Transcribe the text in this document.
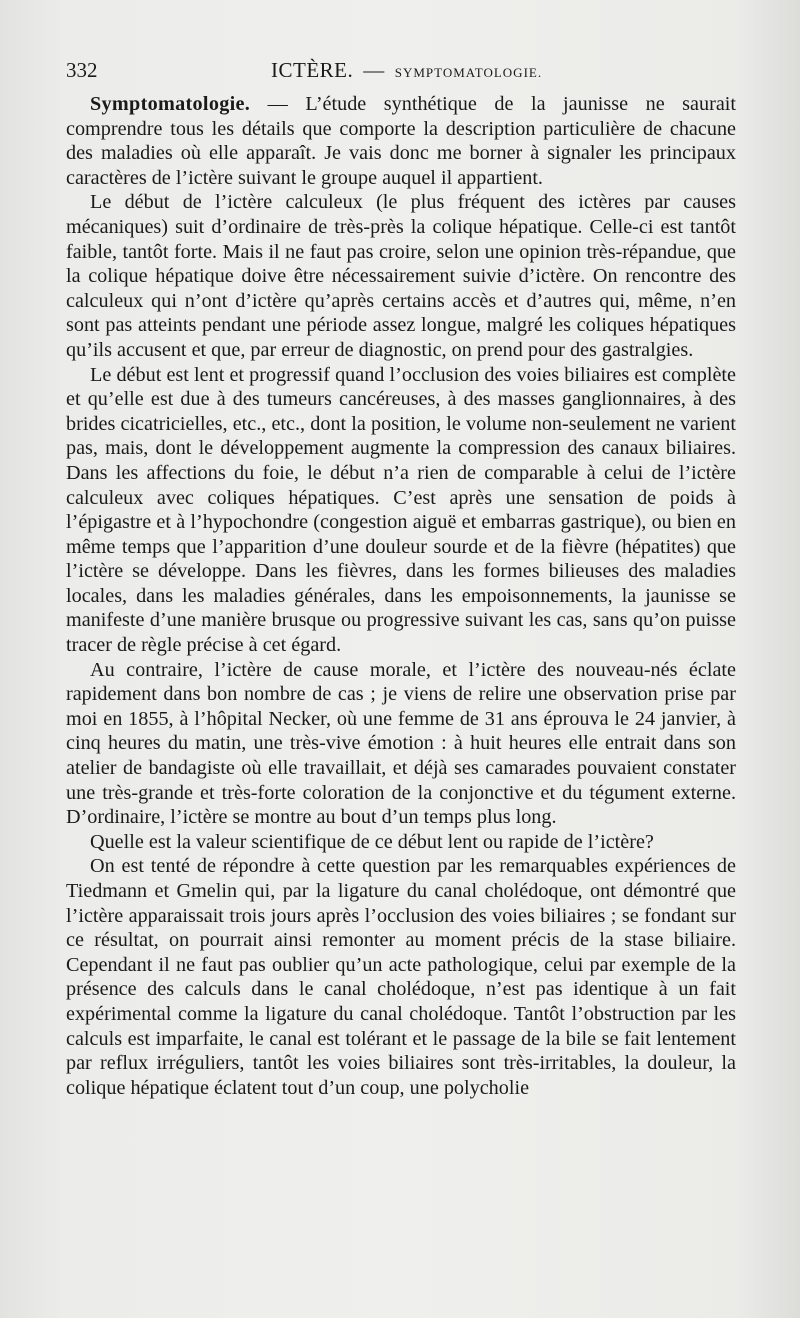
332	ICTÈRE. — SYMPTOMATOLOGIE.

Symptomatologie. — L’étude synthétique de la jaunisse ne saurait comprendre tous les détails que comporte la description particulière de chacune des maladies où elle apparaît. Je vais donc me borner à signaler les principaux caractères de l’ictère suivant le groupe auquel il appartient.

Le début de l’ictère calculeux (le plus fréquent des ictères par causes mécaniques) suit d’ordinaire de très-près la colique hépatique. Celle-ci est tantôt faible, tantôt forte. Mais il ne faut pas croire, selon une opinion très-répandue, que la colique hépatique doive être nécessairement suivie d’ictère. On rencontre des calculeux qui n’ont d’ictère qu’après certains accès et d’autres qui, même, n’en sont pas atteints pendant une période assez longue, malgré les coliques hépatiques qu’ils accusent et que, par erreur de diagnostic, on prend pour des gastralgies.

Le début est lent et progressif quand l’occlusion des voies biliaires est complète et qu’elle est due à des tumeurs cancéreuses, à des masses ganglionnaires, à des brides cicatricielles, etc., etc., dont la position, le volume non-seulement ne varient pas, mais, dont le développement augmente la compression des canaux biliaires. Dans les affections du foie, le début n’a rien de comparable à celui de l’ictère calculeux avec coliques hépatiques. C’est après une sensation de poids à l’épigastre et à l’hypochondre (congestion aiguë et embarras gastrique), ou bien en même temps que l’apparition d’une douleur sourde et de la fièvre (hépatites) que l’ictère se développe. Dans les fièvres, dans les formes bilieuses des maladies locales, dans les maladies générales, dans les empoisonnements, la jaunisse se manifeste d’une manière brusque ou progressive suivant les cas, sans qu’on puisse tracer de règle précise à cet égard.

Au contraire, l’ictère de cause morale, et l’ictère des nouveau-nés éclate rapidement dans bon nombre de cas ; je viens de relire une observation prise par moi en 1855, à l’hôpital Necker, où une femme de 31 ans éprouva le 24 janvier, à cinq heures du matin, une très-vive émotion : à huit heures elle entrait dans son atelier de bandagiste où elle travaillait, et déjà ses camarades pouvaient constater une très-grande et très-forte coloration de la conjonctive et du tégument externe. D’ordinaire, l’ictère se montre au bout d’un temps plus long.

Quelle est la valeur scientifique de ce début lent ou rapide de l’ictère?

On est tenté de répondre à cette question par les remarquables expériences de Tiedmann et Gmelin qui, par la ligature du canal cholédoque, ont démontré que l’ictère apparaissait trois jours après l’occlusion des voies biliaires ; se fondant sur ce résultat, on pourrait ainsi remonter au moment précis de la stase biliaire. Cependant il ne faut pas oublier qu’un acte pathologique, celui par exemple de la présence des calculs dans le canal cholédoque, n’est pas identique à un fait expérimental comme la ligature du canal cholédoque. Tantôt l’obstruction par les calculs est imparfaite, le canal est tolérant et le passage de la bile se fait lentement par reflux irréguliers, tantôt les voies biliaires sont très-irritables, la douleur, la colique hépatique éclatent tout d’un coup, une polycholie
